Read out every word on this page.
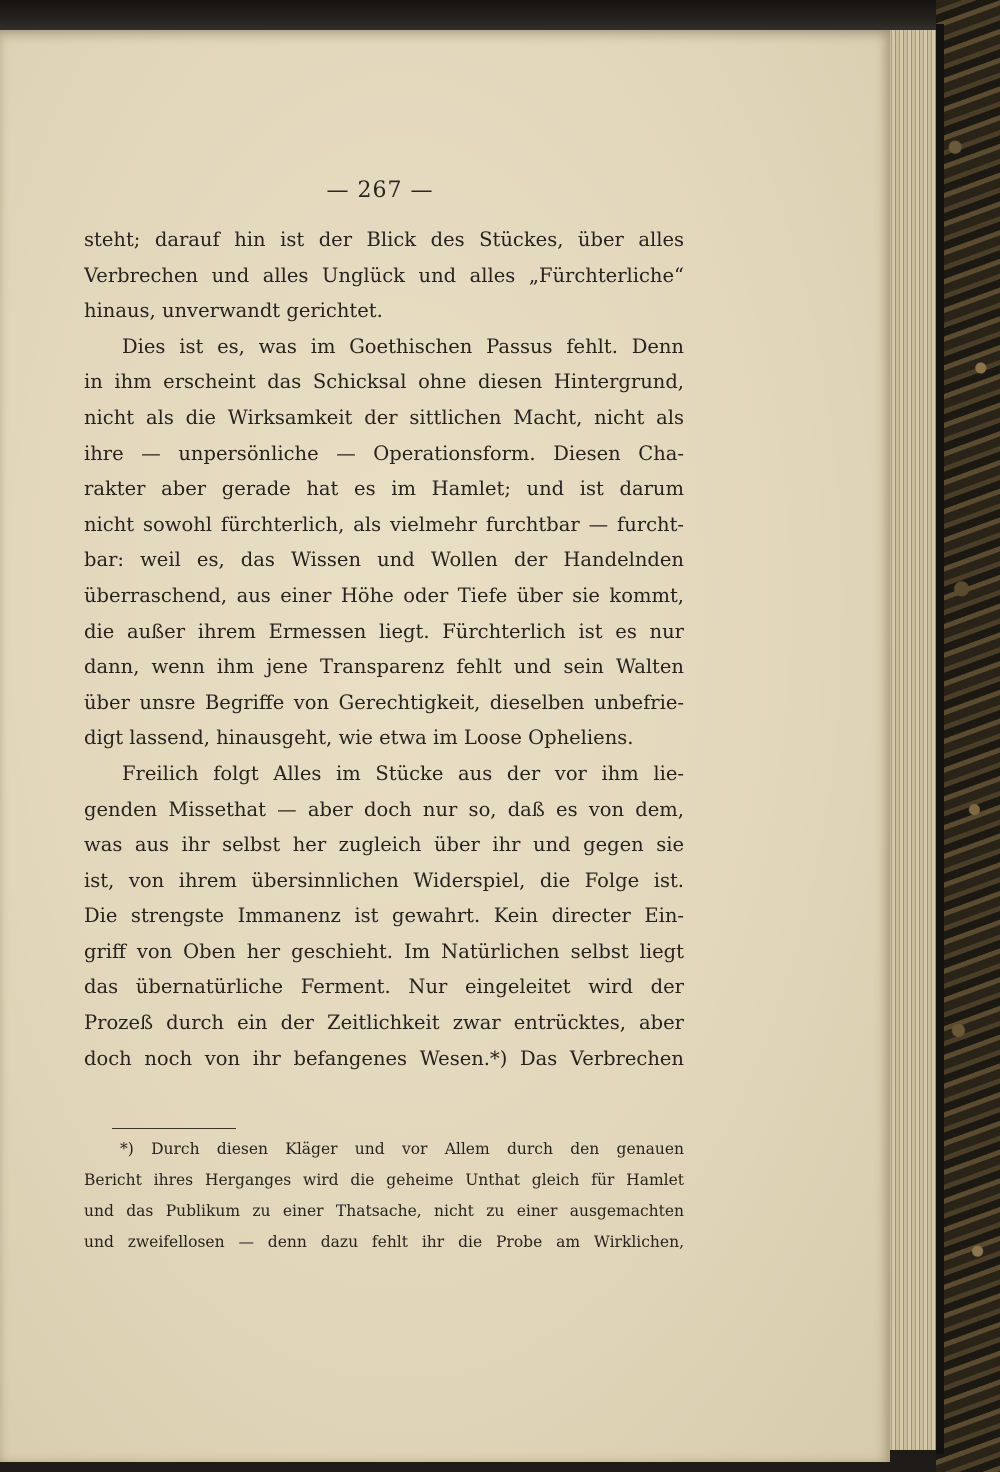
— 267 —
steht; darauf hin ist der Blick des Stückes, über alles
Verbrechen und alles Unglück und alles „Fürchterliche“
hinaus, unverwandt gerichtet.
Dies ist es, was im Goethischen Passus fehlt. Denn
in ihm erscheint das Schicksal ohne diesen Hintergrund,
nicht als die Wirksamkeit der sittlichen Macht, nicht als
ihre — unpersönliche — Operationsform. Diesen Cha-
rakter aber gerade hat es im Hamlet; und ist darum
nicht sowohl fürchterlich, als vielmehr furchtbar — furcht-
bar: weil es, das Wissen und Wollen der Handelnden
überraschend, aus einer Höhe oder Tiefe über sie kommt,
die außer ihrem Ermessen liegt. Fürchterlich ist es nur
dann, wenn ihm jene Transparenz fehlt und sein Walten
über unsre Begriffe von Gerechtigkeit, dieselben unbefrie-
digt lassend, hinausgeht, wie etwa im Loose Opheliens.
Freilich folgt Alles im Stücke aus der vor ihm lie-
genden Missethat — aber doch nur so, daß es von dem,
was aus ihr selbst her zugleich über ihr und gegen sie
ist, von ihrem übersinnlichen Widerspiel, die Folge ist.
Die strengste Immanenz ist gewahrt. Kein directer Ein-
griff von Oben her geschieht. Im Natürlichen selbst liegt
das übernatürliche Ferment. Nur eingeleitet wird der
Prozeß durch ein der Zeitlichkeit zwar entrücktes, aber
doch noch von ihr befangenes Wesen.*) Das Verbrechen
*) Durch diesen Kläger und vor Allem durch den genauen
Bericht ihres Herganges wird die geheime Unthat gleich für Hamlet
und das Publikum zu einer Thatsache, nicht zu einer ausgemachten
und zweifellosen — denn dazu fehlt ihr die Probe am Wirklichen,
